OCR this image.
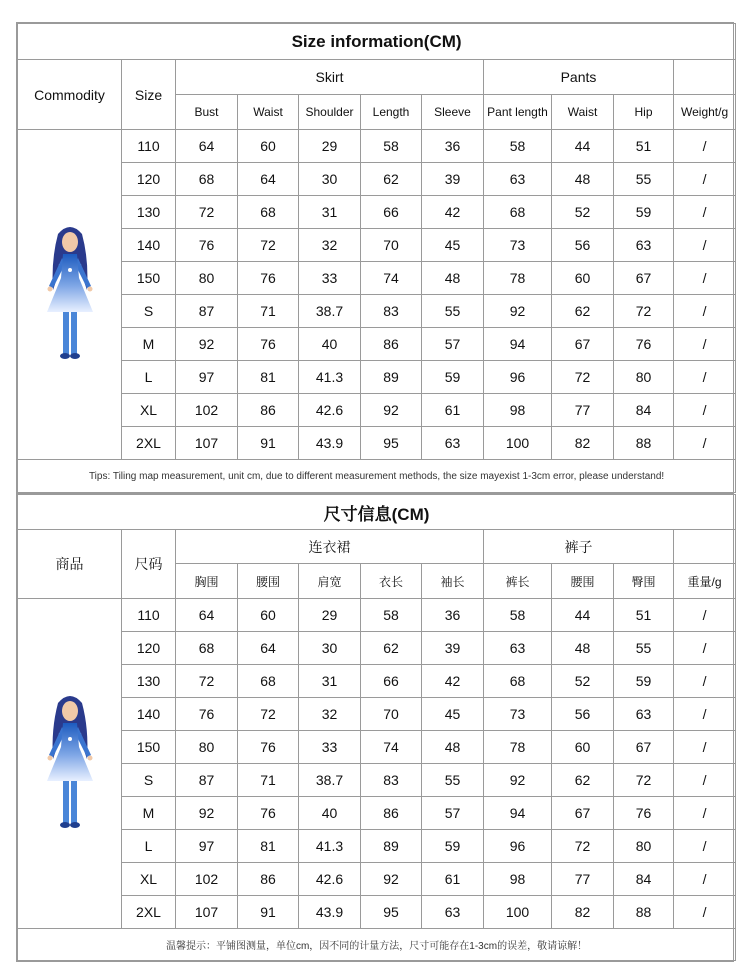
Size information(CM)										
Commodity	Size	Skirt					Pants			
		Bust	Waist	Shoulder	Length	Sleeve	Pant length	Waist	Hip	Weight/g

	110	64	60	29	58	36	58	44	51	/
	120	68	64	30	62	39	63	48	55	/
	130	72	68	31	66	42	68	52	59	/
	140	76	72	32	70	45	73	56	63	/
	150	80	76	33	74	48	78	60	67	/
	S	87	71	38.7	83	55	92	62	72	/
	M	92	76	40	86	57	94	67	76	/
	L	97	81	41.3	89	59	96	72	80	/
	XL	102	86	42.6	92	61	98	77	84	/
	2XL	107	91	43.9	95	63	100	82	88	/
Tips: Tiling map measurement, unit cm, due to different measurement methods, the size mayexist 1-3cm error, please understand!										
尺寸信息(CM)										
商品	尺码	连衣裙					裤子			
		胸围	腰围	肩宽	衣长	袖长	裤长	腰围	臀围	重量/g

	110	64	60	29	58	36	58	44	51	/
	120	68	64	30	62	39	63	48	55	/
	130	72	68	31	66	42	68	52	59	/
	140	76	72	32	70	45	73	56	63	/
	150	80	76	33	74	48	78	60	67	/
	S	87	71	38.7	83	55	92	62	72	/
	M	92	76	40	86	57	94	67	76	/
	L	97	81	41.3	89	59	96	72	80	/
	XL	102	86	42.6	92	61	98	77	84	/
	2XL	107	91	43.9	95	63	100	82	88	/
温馨提示：平铺图测量，单位cm，因不同的计量方法，尺寸可能存在1-3cm的误差，敬请谅解！										
